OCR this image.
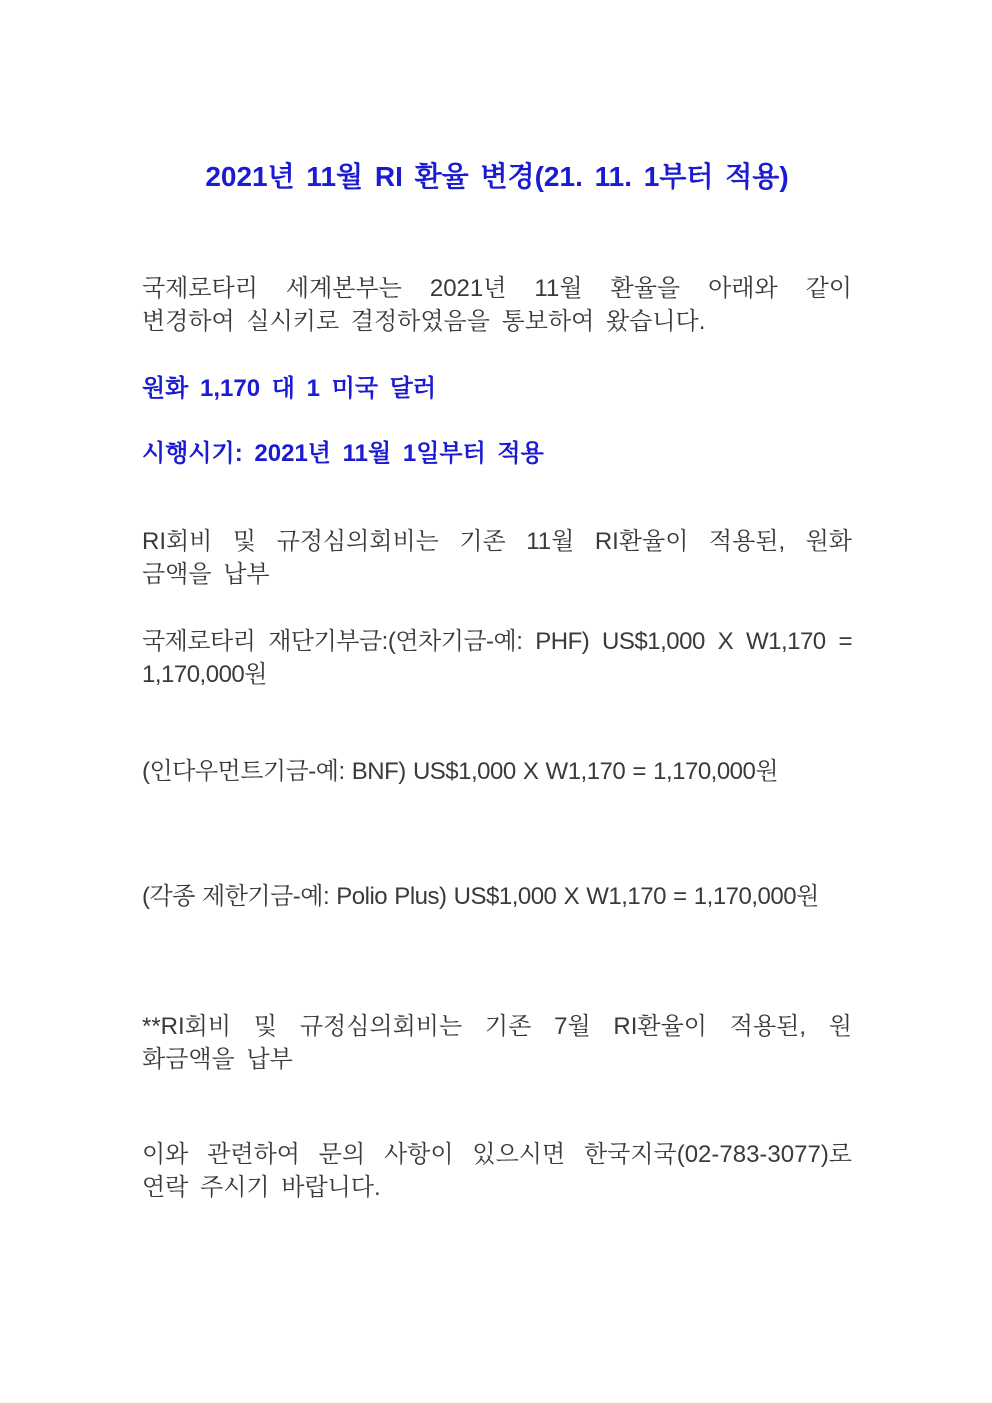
2021년 11월 RI 환율 변경(21. 11. 1부터 적용)

국제로타리 세계본부는 2021년 11월 환율을 아래와 같이
변경하여 실시키로 결정하였음을 통보하여 왔습니다.

원화 1,170 대 1 미국 달러

시행시기: 2021년 11월 1일부터 적용

RI회비 및 규정심의회비는 기존 11월 RI환율이 적용된, 원화
금액을 납부

국제로타리 재단기부금:(연차기금-예: PHF) US$1,000 X W1,170 =
1,170,000원

(인다우먼트기금-예: BNF) US$1,000 X W1,170 = 1,170,000원

(각종 제한기금-예: Polio Plus) US$1,000 X W1,170 = 1,170,000원

**RI회비 및 규정심의회비는 기존 7월 RI환율이 적용된, 원
화금액을 납부

이와 관련하여 문의 사항이 있으시면 한국지국(02-783-3077)로
연락 주시기 바랍니다.
